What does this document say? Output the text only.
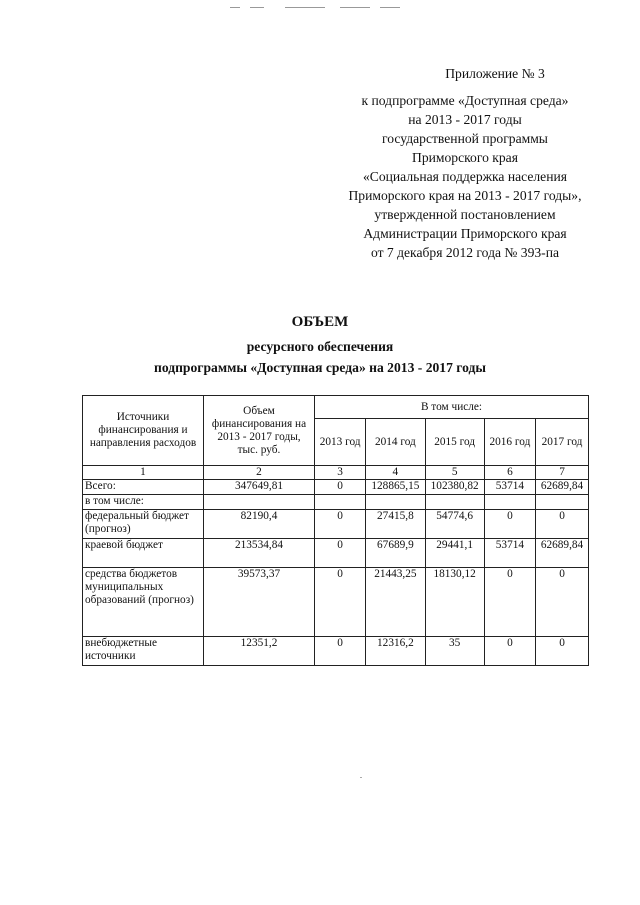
Приложение № 3
к подпрограмме «Доступная среда»
на 2013 - 2017 годы
государственной программы
Приморского края
«Социальная поддержка населения
Приморского края на 2013 - 2017 годы»,
утвержденной постановлением
Администрации Приморского края
от 7 декабря 2012 года № 393-па
ОБЪЕМ
ресурсного обеспечения
подпрограммы «Доступная среда» на 2013 - 2017 годы
Источники финансирования и направления расходов	Объем финансирования на 2013 - 2017 годы, тыс. руб.	В том числе:				
		2013 год	2014 год	2015 год	2016 год	2017 год
1	2	3	4	5	6	7
Всего:	347649,81	0	128865,15	102380,82	53714	62689,84
в том числе:						
федеральный бюджет (прогноз)	82190,4	0	27415,8	54774,6	0	0
краевой бюджет	213534,84	0	67689,9	29441,1	53714	62689,84
средства бюджетов муниципальных образований (прогноз)	39573,37	0	21443,25	18130,12	0	0
внебюджетные источники	12351,2	0	12316,2	35	0	0
